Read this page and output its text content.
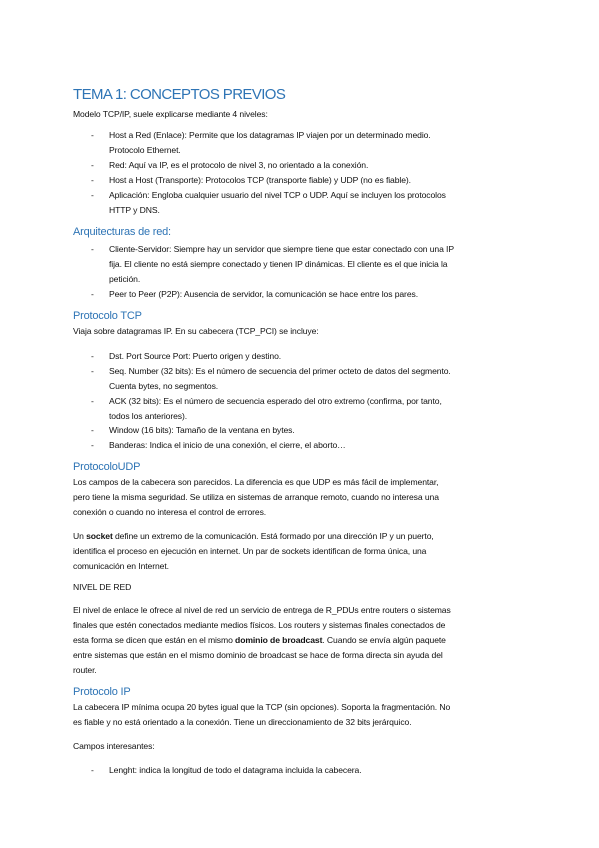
TEMA 1: CONCEPTOS PREVIOS
Modelo TCP/IP, suele explicarse mediante 4 niveles:
- Host a Red (Enlace): Permite que los datagramas IP viajen por un determinado medio.
Protocolo Ethernet.
- Red: Aquí va IP, es el protocolo de nivel 3, no orientado a la conexión.
- Host a Host (Transporte): Protocolos TCP (transporte fiable) y UDP (no es fiable).
- Aplicación: Engloba cualquier usuario del nivel TCP o UDP. Aquí se incluyen los protocolos
HTTP y DNS.
Arquitecturas de red:
- Cliente-Servidor: Siempre hay un servidor que siempre tiene que estar conectado con una IP
fija. El cliente no está siempre conectado y tienen IP dinámicas. El cliente es el que inicia la
petición.
- Peer to Peer (P2P): Ausencia de servidor, la comunicación se hace entre los pares.
Protocolo TCP
Viaja sobre datagramas IP. En su cabecera (TCP_PCI) se incluye:
- Dst. Port Source Port: Puerto origen y destino.
- Seq. Number (32 bits): Es el número de secuencia del primer octeto de datos del segmento.
Cuenta bytes, no segmentos.
- ACK (32 bits): Es el número de secuencia esperado del otro extremo (confirma, por tanto,
todos los anteriores).
- Window (16 bits): Tamaño de la ventana en bytes.
- Banderas: Indica el inicio de una conexión, el cierre, el aborto…
ProtocoloUDP
Los campos de la cabecera son parecidos. La diferencia es que UDP es más fácil de implementar,
pero tiene la misma seguridad. Se utiliza en sistemas de arranque remoto, cuando no interesa una
conexión o cuando no interesa el control de errores.
Un socket define un extremo de la comunicación. Está formado por una dirección IP y un puerto,
identifica el proceso en ejecución en internet. Un par de sockets identifican de forma única, una
comunicación en Internet.
NIVEL DE RED
El nivel de enlace le ofrece al nivel de red un servicio de entrega de R_PDUs entre routers o sistemas
finales que estén conectados mediante medios físicos. Los routers y sistemas finales conectados de
esta forma se dicen que están en el mismo dominio de broadcast. Cuando se envía algún paquete
entre sistemas que están en el mismo dominio de broadcast se hace de forma directa sin ayuda del
router.
Protocolo IP
La cabecera IP mínima ocupa 20 bytes igual que la TCP (sin opciones). Soporta la fragmentación. No
es fiable y no está orientado a la conexión. Tiene un direccionamiento de 32 bits jerárquico.
Campos interesantes:
- Lenght: indica la longitud de todo el datagrama incluida la cabecera.
